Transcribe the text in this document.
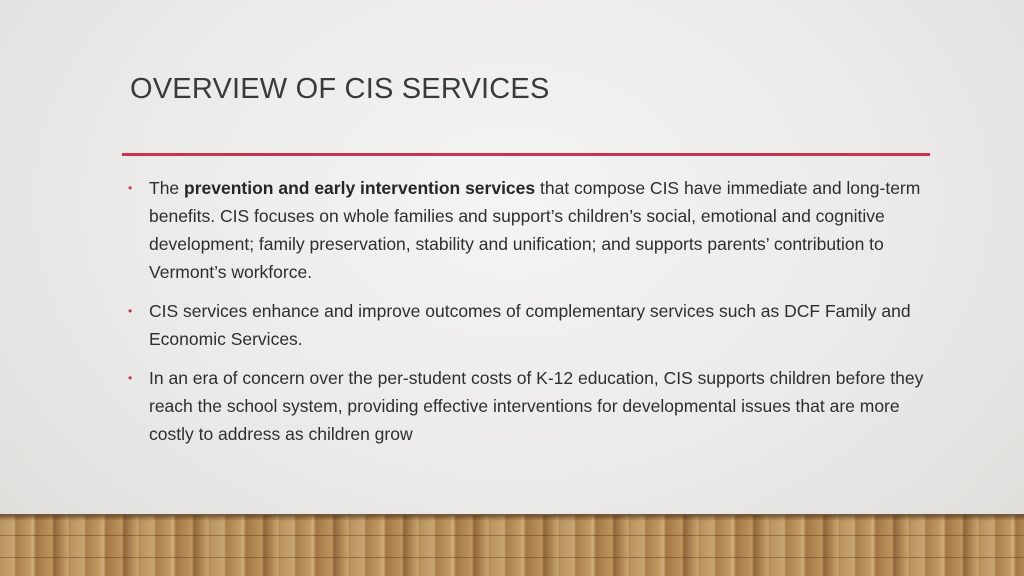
OVERVIEW OF CIS SERVICES
• The prevention and early intervention services that compose CIS have immediate and long-term benefits. CIS focuses on whole families and support’s children’s social, emotional and cognitive development; family preservation, stability and unification; and supports parents’ contribution to Vermont’s workforce.
• CIS services enhance and improve outcomes of complementary services such as DCF Family and Economic Services.
• In an era of concern over the per-student costs of K-12 education, CIS supports children before they reach the school system, providing effective interventions for developmental issues that are more costly to address as children grow
